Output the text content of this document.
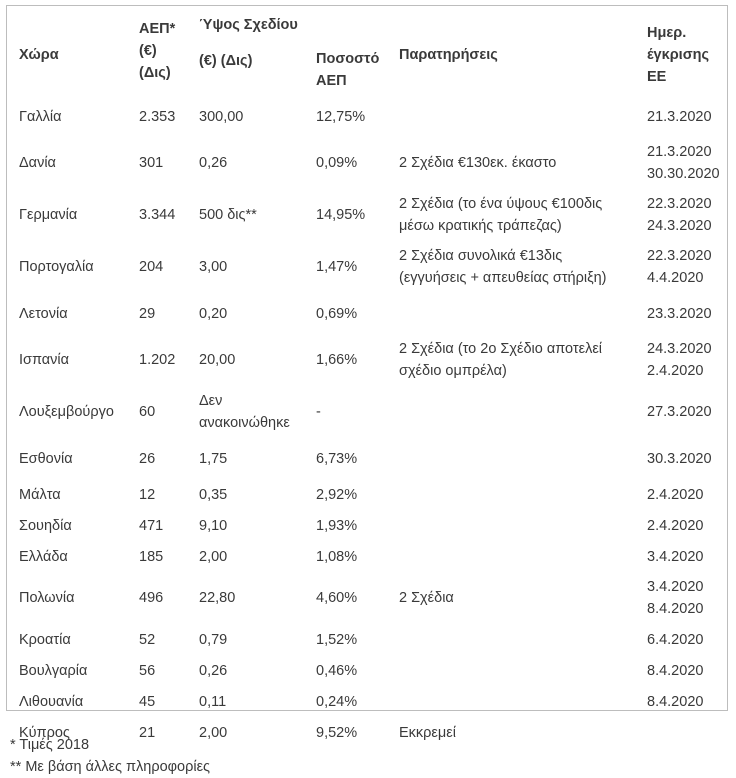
Χώρα	ΑΕΠ*
(€)
(Δις)	Ύψος Σχεδίου
(€) (Δις)	Ποσοστό
ΑΕΠ	Παρατηρήσεις	Ημερ.
έγκρισης
ΕΕ

Γαλλία	2.353	300,00	12,75%		21.3.2020

Δανία	301	0,26	0,09%	2 Σχέδια €130εκ. έκαστο	21.3.2020
30.30.2020

Γερμανία	3.344	500 δις**	14,95%	2 Σχέδια (το ένα ύψους €100δις
μέσω κρατικής τράπεζας)	22.3.2020
24.3.2020

Πορτογαλία	204	3,00	1,47%	2 Σχέδια συνολικά €13δις
(εγγυήσεις + απευθείας στήριξη)	22.3.2020
4.4.2020

Λετονία	29	0,20	0,69%		23.3.2020

Ισπανία	1.202	20,00	1,66%	2 Σχέδια (το 2ο Σχέδιο αποτελεί
σχέδιο ομπρέλα)	24.3.2020
2.4.2020

Λουξεμβούργο	60	Δεν
ανακοινώθηκε	-		27.3.2020

Εσθονία	26	1,75	6,73%		30.3.2020

Μάλτα	12	0,35	2,92%		2.4.2020

Σουηδία	471	9,10	1,93%		2.4.2020

Ελλάδα	185	2,00	1,08%		3.4.2020

Πολωνία	496	22,80	4,60%	2 Σχέδια	3.4.2020
8.4.2020

Κροατία	52	0,79	1,52%		6.4.2020

Βουλγαρία	56	0,26	0,46%		8.4.2020

Λιθουανία	45	0,11	0,24%		8.4.2020

Κύπρος	21	2,00	9,52%	Εκκρεμεί	

* Τιμές 2018
** Με βάση άλλες πληροφορίες
